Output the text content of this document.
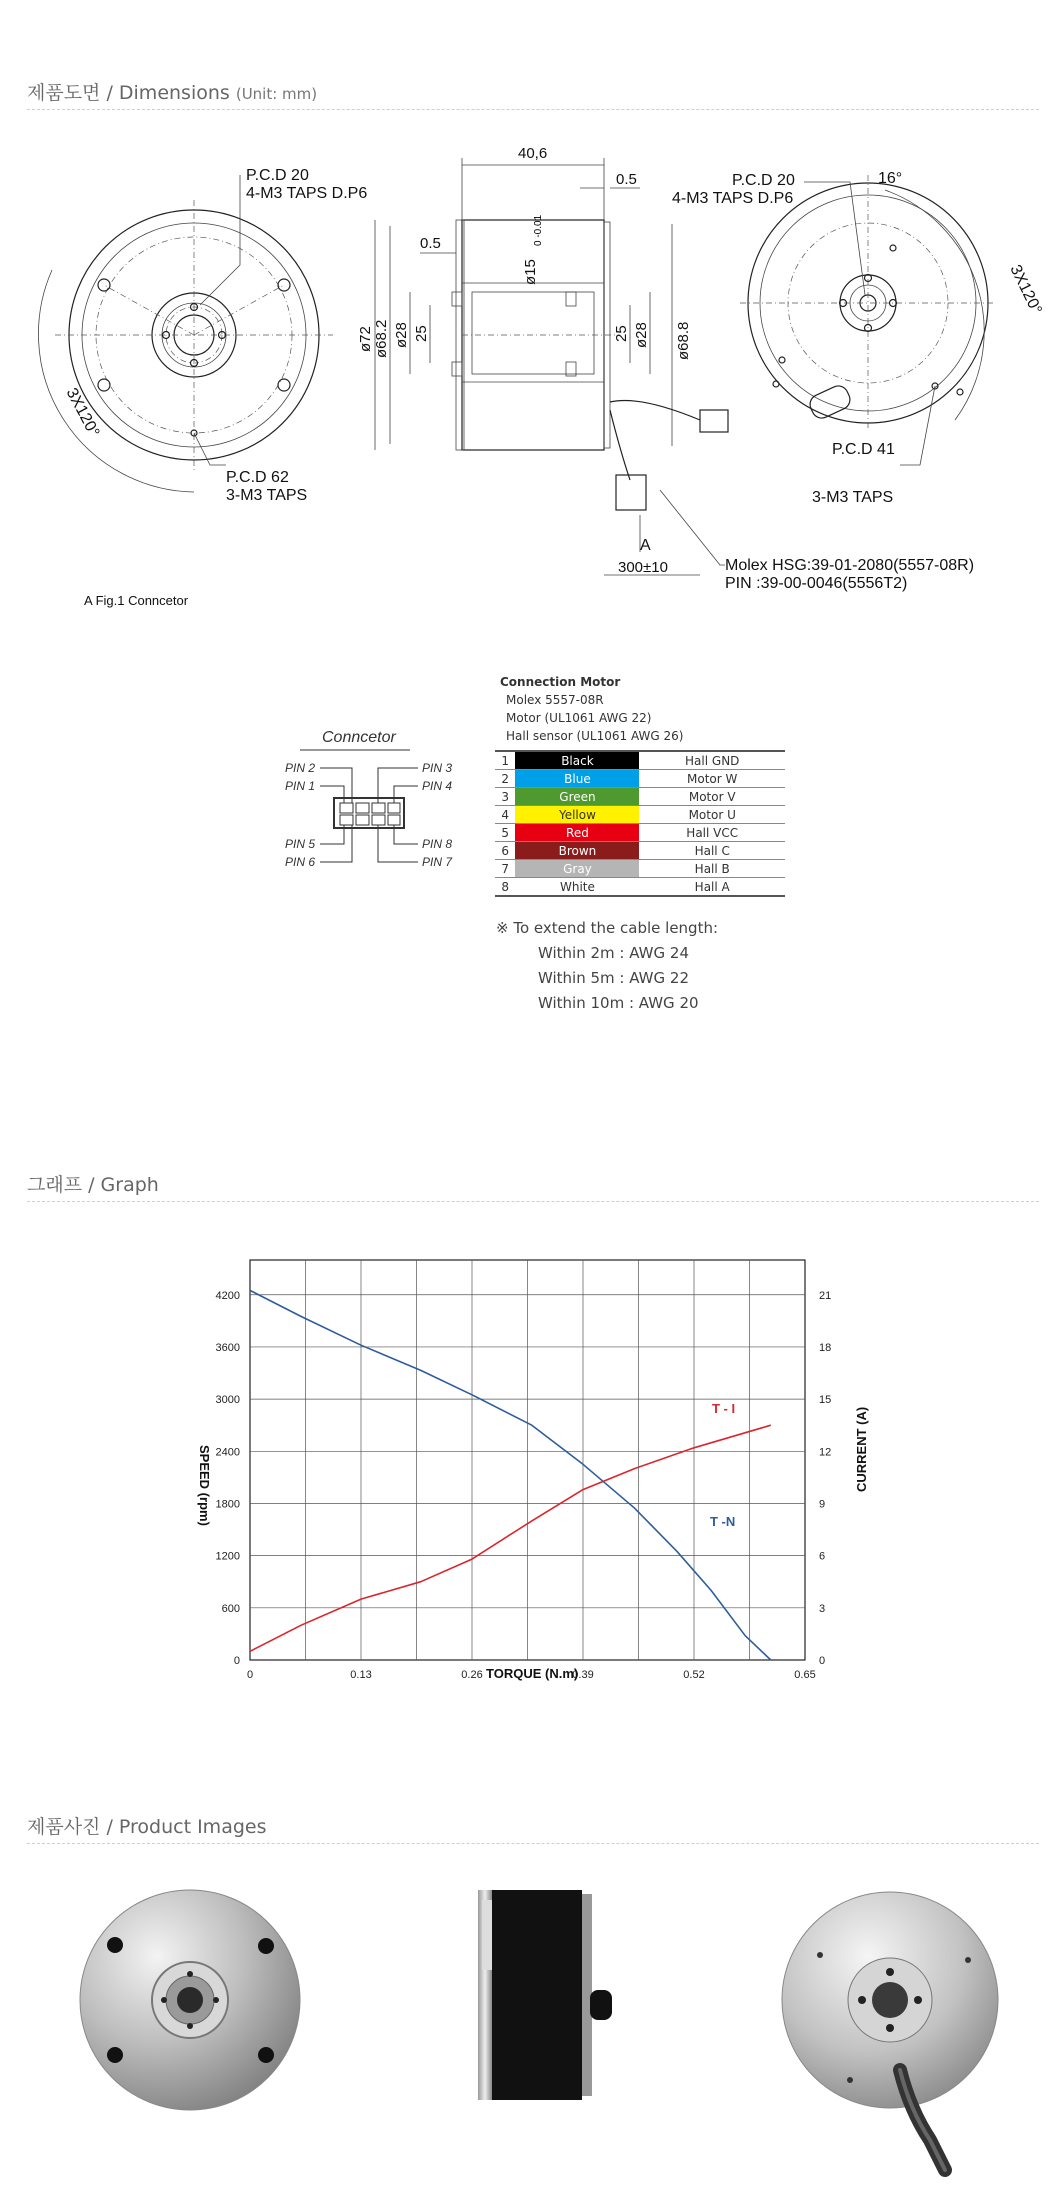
제품도면 / Dimensions (Unit: mm)
P.C.D 20
4-M3 TAPS D.P6
P.C.D 62
3-M3 TAPS
3X120°
40,6
0.5
0.5
ø15
0 -0.01
ø72 ø68.2 ø28 25	25 ø28 ø68.8
A
300±10	Molex HSG:39-01-2080(5557-08R)
PIN :39-00-0046(5556T2)
P.C.D 20
4-M3 TAPS D.P6
16°
3X120°
P.C.D 41
3-M3 TAPS
A Fig.1 Conncetor
Conncetor
PIN 2
PIN 1
PIN 3
PIN 4
PIN 5
PIN 6
PIN 8
PIN 7
Connection Motor
Molex 5557-08R
Motor (UL1061 AWG 22)
Hall sensor (UL1061 AWG 26)
1	Black	Hall GND
2	Blue	Motor W
3	Green	Motor V
4	Yellow	Motor U
5	Red	Hall VCC
6	Brown	Hall C
7	Gray	Hall B
8	White	Hall A
※ To extend the cable length:
Within 2m : AWG 24
Within 5m : AWG 22
Within 10m : AWG 20
그래프 / Graph
0
600
1200
1800
2400
3000
3600
4200
0
3
6
9
12
15
18
21
0	0.13	0.26	0.39	0.52	0.65
SPEED (rpm)	CURRENT (A)
TORQUE (N.m)
T - I
T -N
제품사진 / Product Images
